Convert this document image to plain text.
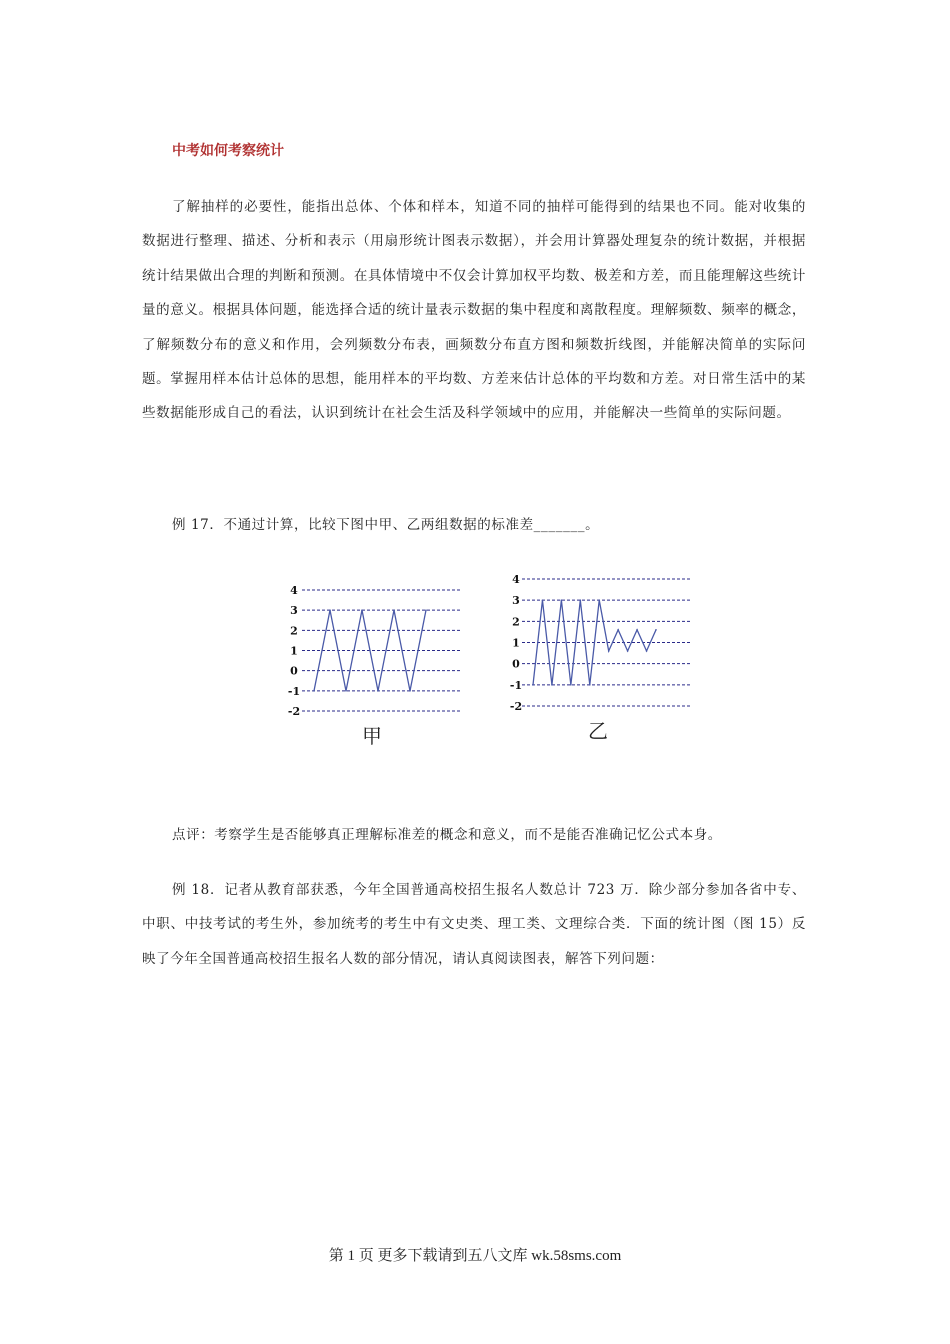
中考如何考察统计

了解抽样的必要性，能指出总体、个体和样本，知道不同的抽样可能得到的结果也不同。能对收集的数据进行整理、描述、分析和表示（用扇形统计图表示数据），并会用计算器处理复杂的统计数据，并根据统计结果做出合理的判断和预测。在具体情境中不仅会计算加权平均数、极差和方差，而且能理解这些统计量的意义。根据具体问题，能选择合适的统计量表示数据的集中程度和离散程度。理解频数、频率的概念，了解频数分布的意义和作用，会列频数分布表，画频数分布直方图和频数折线图，并能解决简单的实际问题。掌握用样本估计总体的思想，能用样本的平均数、方差来估计总体的平均数和方差。对日常生活中的某些数据能形成自己的看法，认识到统计在社会生活及科学领域中的应用，并能解决一些简单的实际问题。

例 17．不通过计算，比较下图中甲、乙两组数据的标准差_______。

4
3
2
1
0
-1
-2
甲
4
3
2
1
0
-1
-2
乙

点评：考察学生是否能够真正理解标准差的概念和意义，而不是能否准确记忆公式本身。

例 18．记者从教育部获悉，今年全国普通高校招生报名人数总计 723 万．除少部分参加各省中专、中职、中技考试的考生外，参加统考的考生中有文史类、理工类、文理综合类．下面的统计图（图 15）反映了今年全国普通高校招生报名人数的部分情况，请认真阅读图表，解答下列问题：

第 1 页 更多下载请到五八文库 wk.58sms.com
